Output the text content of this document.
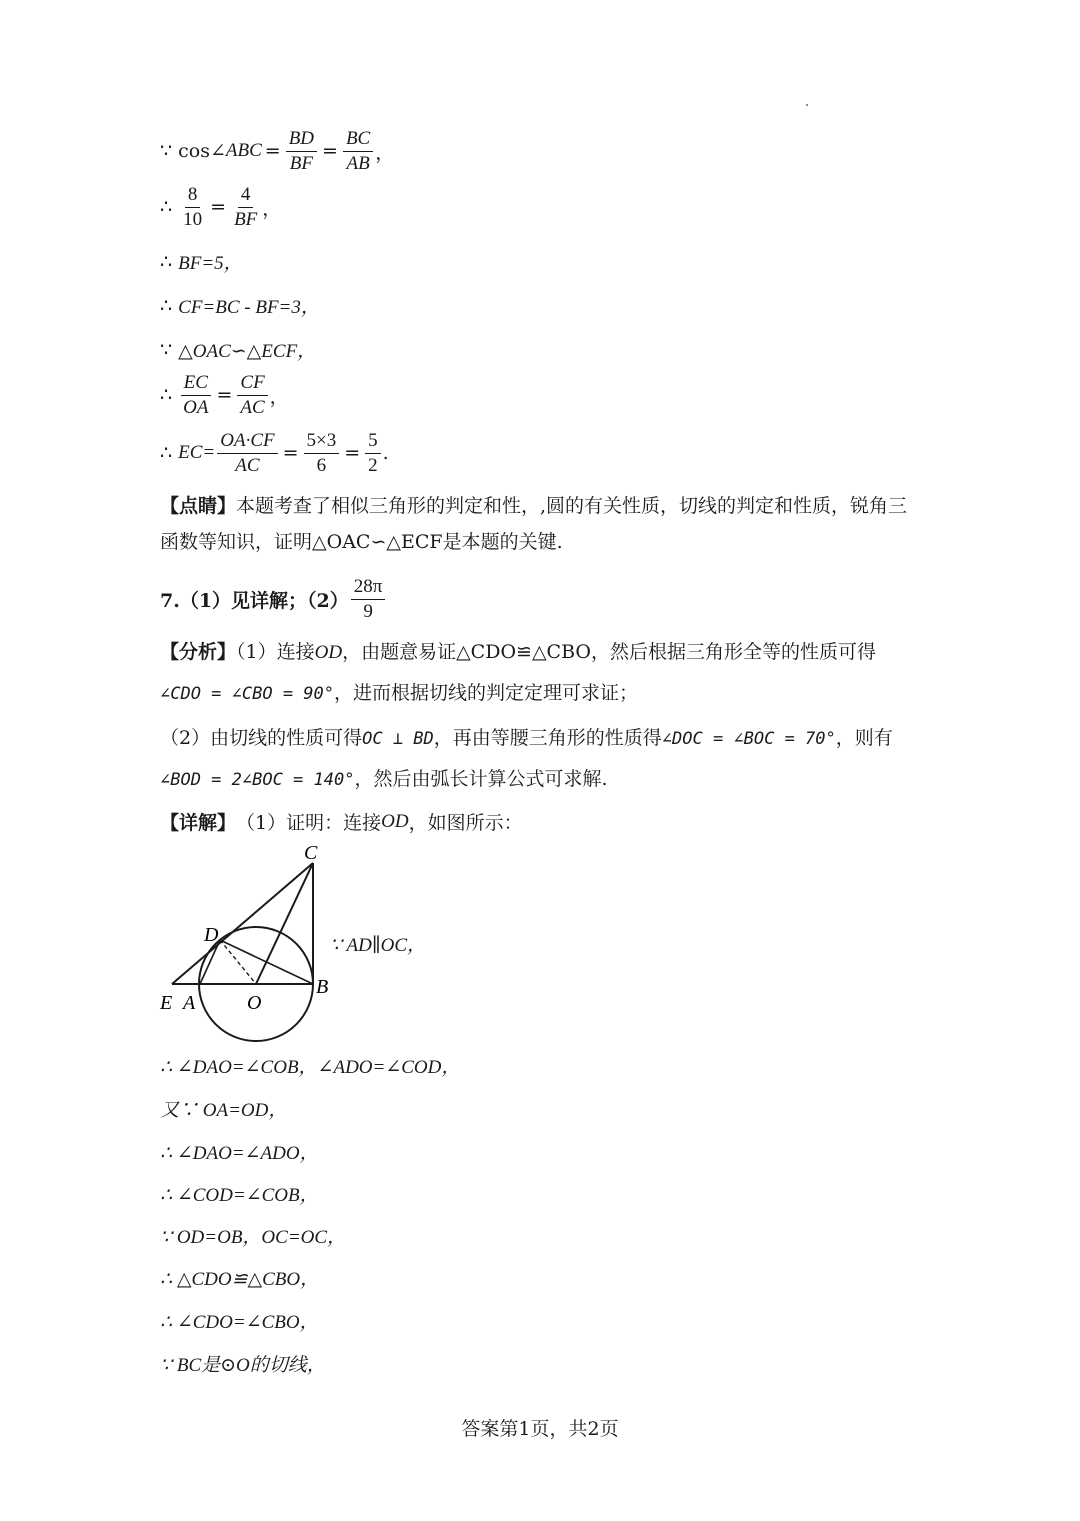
∵ cos∠ ABC = $\frac{BD}{BF} = \frac{BC}{AB}$ ，
∴
$\frac{8}{10} = \frac{4}{BF}$ ，
∴
BF=5，
∴
CF=BC - BF=3，
∵
△OAC∽△ECF，
∴
$\frac{EC}{OA} = \frac{CF}{AC}$ ，
∴
$EC= \frac{OA\cdot CF}{AC} = \frac{5\times 3}{6} = \frac{5}{2}$ .
【点睛】本题考查了相似三角形的判定和性，,圆的有关性质，切线的判定和性质，锐角三函数等知识，证明△OAC∽△ECF是本题的关键.
7.（1）见详解；$(2) \frac{28\pi}{9}$
【分析】（1）连接OD，由题意易证△CDO≌△CBO，然后根据三角形全等的性质可得
∠CDO = ∠CBO = 90°，进而根据切线的判定定理可求证；
（2）由切线的性质可得OC ⊥ BD，再由等腰三角形的性质得∠DOC = ∠BOC = 70°，则有
∠BOD = 2∠BOC = 140°，然后由弧长计算公式可求解.
【详解】 （1）证明：连接 OD ，如图所示：
C
D
E A	O
B
∵ AD∥OC，
∴ ∠DAO=∠COB，∠ADO=∠COD，
又∵ OA=OD，
∴ ∠DAO=∠ADO，
∴ ∠COD=∠COB，
∵ OD=OB，OC=OC，
∴ △CDO≌△CBO，
∴ ∠CDO=∠CBO，
∵ BC是⊙O的切线，
答案第1页，共2页
